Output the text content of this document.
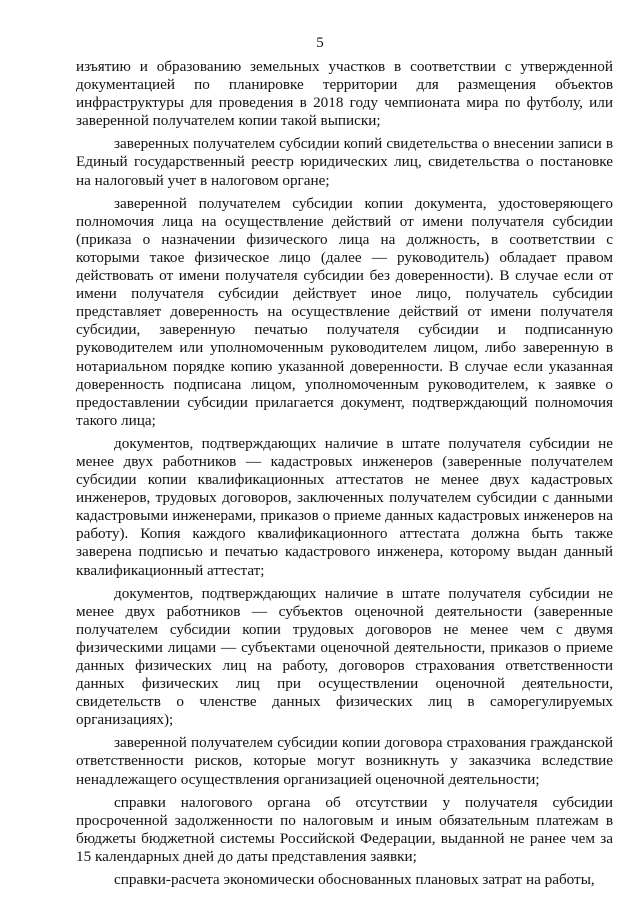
5

изъятию и образованию земельных участков в соответствии с утвержденной документацией по планировке территории для размещения объектов инфраструктуры для проведения в 2018 году чемпионата мира по футболу, или заверенной получателем копии такой выписки;

заверенных получателем субсидии копий свидетельства о внесении записи в Единый государственный реестр юридических лиц, свидетельства о постановке на налоговый учет в налоговом органе;

заверенной получателем субсидии копии документа, удостоверяющего полномочия лица на осуществление действий от имени получателя субсидии (приказа о назначении физического лица на должность, в соответствии с которыми такое физическое лицо (далее — руководитель) обладает правом действовать от имени получателя субсидии без доверенности). В случае если от имени получателя субсидии действует иное лицо, получатель субсидии представляет доверенность на осуществление действий от имени получателя субсидии, заверенную печатью получателя субсидии и подписанную руководителем или уполномоченным руководителем лицом, либо заверенную в нотариальном порядке копию указанной доверенности. В случае если указанная доверенность подписана лицом, уполномоченным руководителем, к заявке о предоставлении субсидии прилагается документ, подтверждающий полномочия такого лица;

документов, подтверждающих наличие в штате получателя субсидии не менее двух работников — кадастровых инженеров (заверенные получателем субсидии копии квалификационных аттестатов не менее двух кадастровых инженеров, трудовых договоров, заключенных получателем субсидии с данными кадастровыми инженерами, приказов о приеме данных кадастровых инженеров на работу). Копия каждого квалификационного аттестата должна быть также заверена подписью и печатью кадастрового инженера, которому выдан данный квалификационный аттестат;

документов, подтверждающих наличие в штате получателя субсидии не менее двух работников — субъектов оценочной деятельности (заверенные получателем субсидии копии трудовых договоров не менее чем с двумя физическими лицами — субъектами оценочной деятельности, приказов о приеме данных физических лиц на работу, договоров страхования ответственности данных физических лиц при осуществлении оценочной деятельности, свидетельств о членстве данных физических лиц в саморегулируемых организациях);

заверенной получателем субсидии копии договора страхования гражданской ответственности рисков, которые могут возникнуть у заказчика вследствие ненадлежащего осуществления организацией оценочной деятельности;

справки налогового органа об отсутствии у получателя субсидии просроченной задолженности по налоговым и иным обязательным платежам в бюджеты бюджетной системы Российской Федерации, выданной не ранее чем за 15 календарных дней до даты представления заявки;

справки-расчета экономически обоснованных плановых затрат на работы,
